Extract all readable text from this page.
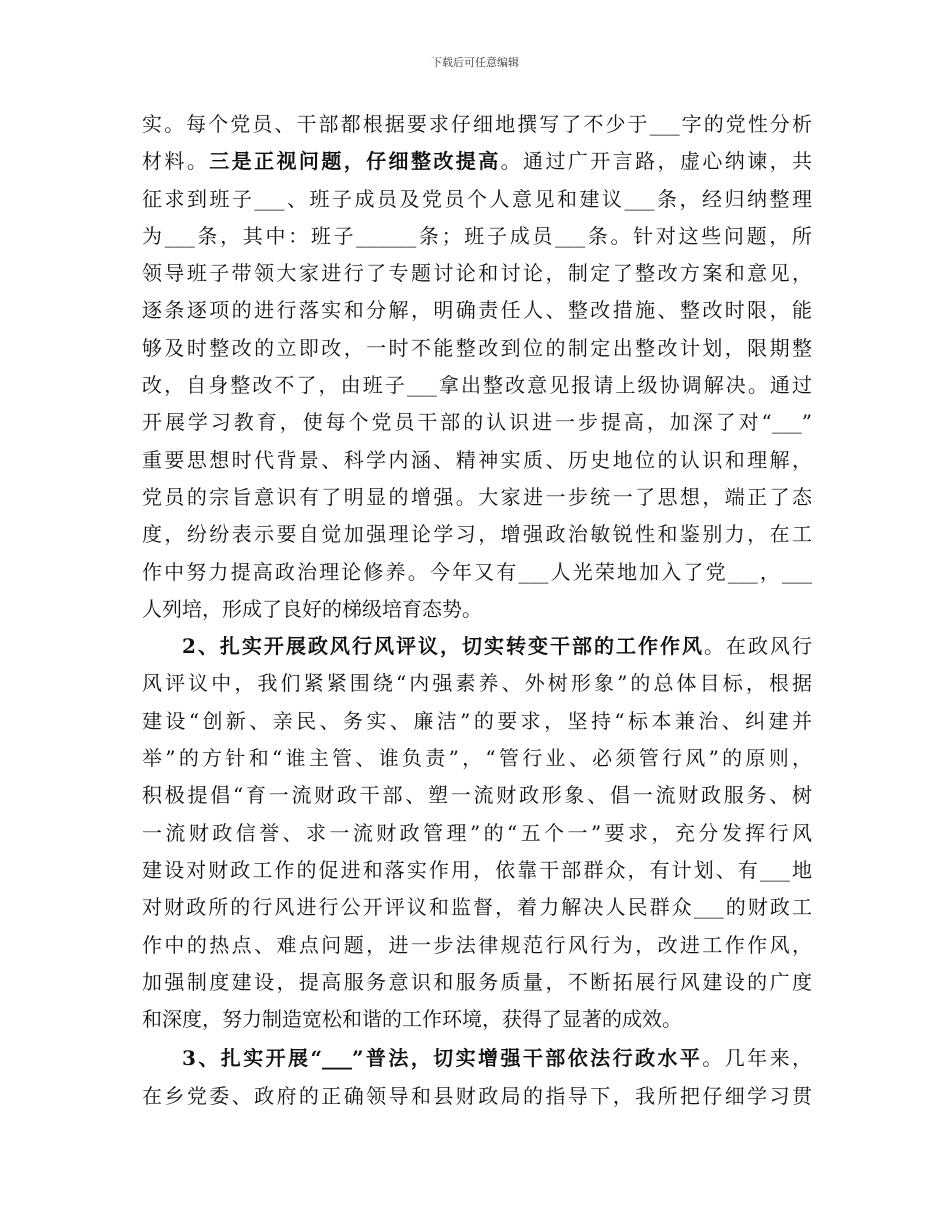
下载后可任意编辑
实。每个党员、干部都根据要求仔细地撰写了不少于___字的党性分析
材料。三是正视问题，仔细整改提高。通过广开言路，虚心纳谏，共
征求到班子___、班子成员及党员个人意见和建议___条，经归纳整理
为___条，其中：班子______条；班子成员___条。针对这些问题，所
领导班子带领大家进行了专题讨论和讨论，制定了整改方案和意见，
逐条逐项的进行落实和分解，明确责任人、整改措施、整改时限，能
够及时整改的立即改，一时不能整改到位的制定出整改计划，限期整
改，自身整改不了，由班子___拿出整改意见报请上级协调解决。通过
开展学习教育，使每个党员干部的认识进一步提高，加深了对“___”
重要思想时代背景、科学内涵、精神实质、历史地位的认识和理解，
党员的宗旨意识有了明显的增强。大家进一步统一了思想，端正了态
度，纷纷表示要自觉加强理论学习，增强政治敏锐性和鉴别力，在工
作中努力提高政治理论修养。今年又有___人光荣地加入了党___，___
人列培，形成了良好的梯级培育态势。
2、扎实开展政风行风评议，切实转变干部的工作作风。在政风行
风评议中，我们紧紧围绕“内强素养、外树形象”的总体目标，根据
建设“创新、亲民、务实、廉洁”的要求，坚持“标本兼治、纠建并
举”的方针和“谁主管、谁负责”，“管行业、必须管行风”的原则，
积极提倡“育一流财政干部、塑一流财政形象、倡一流财政服务、树
一流财政信誉、求一流财政管理”的“五个一”要求，充分发挥行风
建设对财政工作的促进和落实作用，依靠干部群众，有计划、有___地
对财政所的行风进行公开评议和监督，着力解决人民群众___的财政工
作中的热点、难点问题，进一步法律规范行风行为，改进工作作风，
加强制度建设，提高服务意识和服务质量，不断拓展行风建设的广度
和深度，努力制造宽松和谐的工作环境，获得了显著的成效。
3、扎实开展“___”普法，切实增强干部依法行政水平。几年来，
在乡党委、政府的正确领导和县财政局的指导下，我所把仔细学习贯
